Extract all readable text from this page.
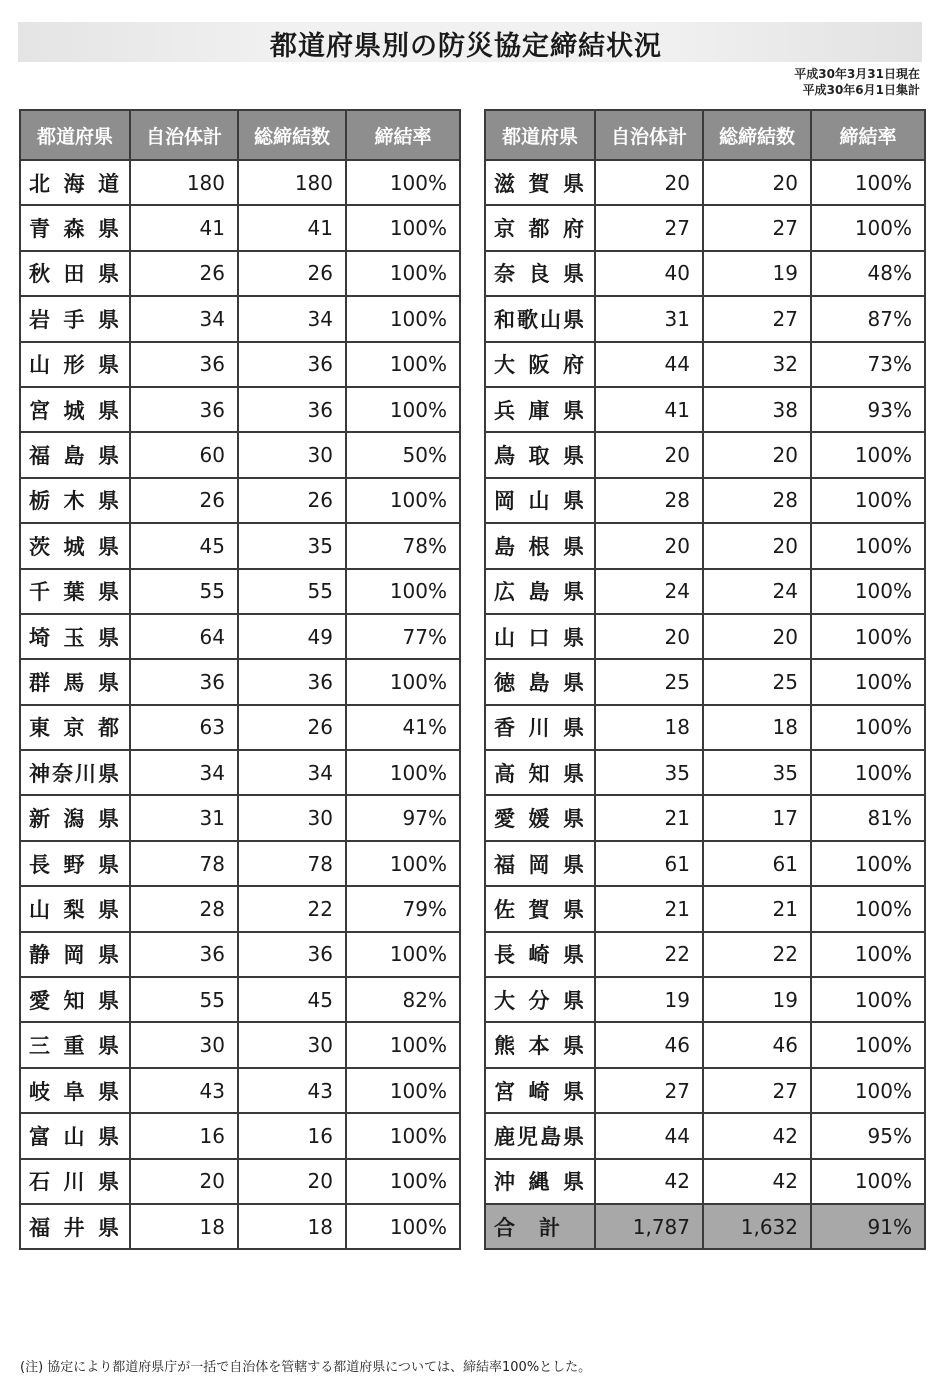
都道府県別の防災協定締結状況
平成30年3月31日現在
平成30年6月1日集計
都道府県	自治体計	総締結数	締結率
北海道	180	180	100%
青森県	41	41	100%
秋田県	26	26	100%
岩手県	34	34	100%
山形県	36	36	100%
宮城県	36	36	100%
福島県	60	30	50%
栃木県	26	26	100%
茨城県	45	35	78%
千葉県	55	55	100%
埼玉県	64	49	77%
群馬県	36	36	100%
東京都	63	26	41%
神奈川県	34	34	100%
新潟県	31	30	97%
長野県	78	78	100%
山梨県	28	22	79%
静岡県	36	36	100%
愛知県	55	45	82%
三重県	30	30	100%
岐阜県	43	43	100%
富山県	16	16	100%
石川県	20	20	100%
福井県	18	18	100%
都道府県	自治体計	総締結数	締結率
滋賀県	20	20	100%
京都府	27	27	100%
奈良県	40	19	48%
和歌山県	31	27	87%
大阪府	44	32	73%
兵庫県	41	38	93%
鳥取県	20	20	100%
岡山県	28	28	100%
島根県	20	20	100%
広島県	24	24	100%
山口県	20	20	100%
徳島県	25	25	100%
香川県	18	18	100%
高知県	35	35	100%
愛媛県	21	17	81%
福岡県	61	61	100%
佐賀県	21	21	100%
長崎県	22	22	100%
大分県	19	19	100%
熊本県	46	46	100%
宮崎県	27	27	100%
鹿児島県	44	42	95%
沖縄県	42	42	100%
合計	1,787	1,632	91%
(注) 協定により都道府県庁が一括で自治体を管轄する都道府県については、締結率100%とした。
